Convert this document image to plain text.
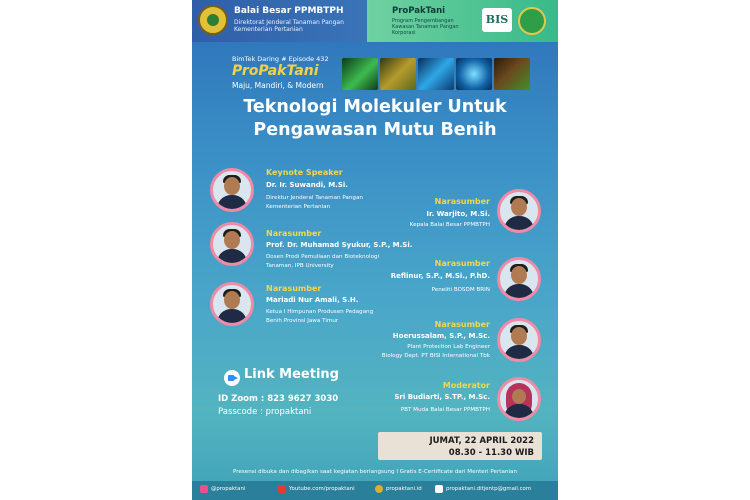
Balai Besar PPMBTPH
Direktorat Jenderal Tanaman Pangan Kementerian Pertanian
ProPakTani
Program Pengembangan Kawasan Tanaman Pangan Korporasi
BIS
BimTek Daring # Episode 432
ProPakTani
Maju, Mandiri, & Modern
Teknologi Molekuler Untuk
Pengawasan Mutu Benih
Keynote Speaker
Dr. Ir. Suwandi, M.Si.
Direktur Jenderal Tanaman Pangan
Kementerian Pertanian
Narasumber
Ir. Warjito, M.Si.
Kepala Balai Besar PPMBTPH
Narasumber
Prof. Dr. Muhamad Syukur, S.P., M.Si.
Dosen Prodi Pemuliaan dan Bioteknologi
Tanaman, IPB University	Narasumber
Reflinur, S.P., M.Si., P.hD.
Peneliti BOSDM BRIN
Narasumber
Mariadi Nur Amali, S.H.
Ketua I Himpunan Produsen Pedagang
Benih Provinsi Jawa Timur	Narasumber
Hoerussalam, S.P., M.Sc.
Plant Protection Lab Engineer
Biology Dept. PT BISI International Tbk
Moderator
Sri Budiarti, S.TP., M.Sc.
PBT Muda Balai Besar PPMBTPH
Link Meeting
ID Zoom : 823 9627 3030
Passcode : propaktani
JUMAT, 22 APRIL 2022
08.30 - 11.30 WIB
Presensi dibuka dan dibagikan saat kegiatan berlangsung I Gratis E-Certificate dari Menteri Pertanian
@propaktani	Youtube.com/propaktani	propaktani.id	propaktani.ditjentp@gmail.com
